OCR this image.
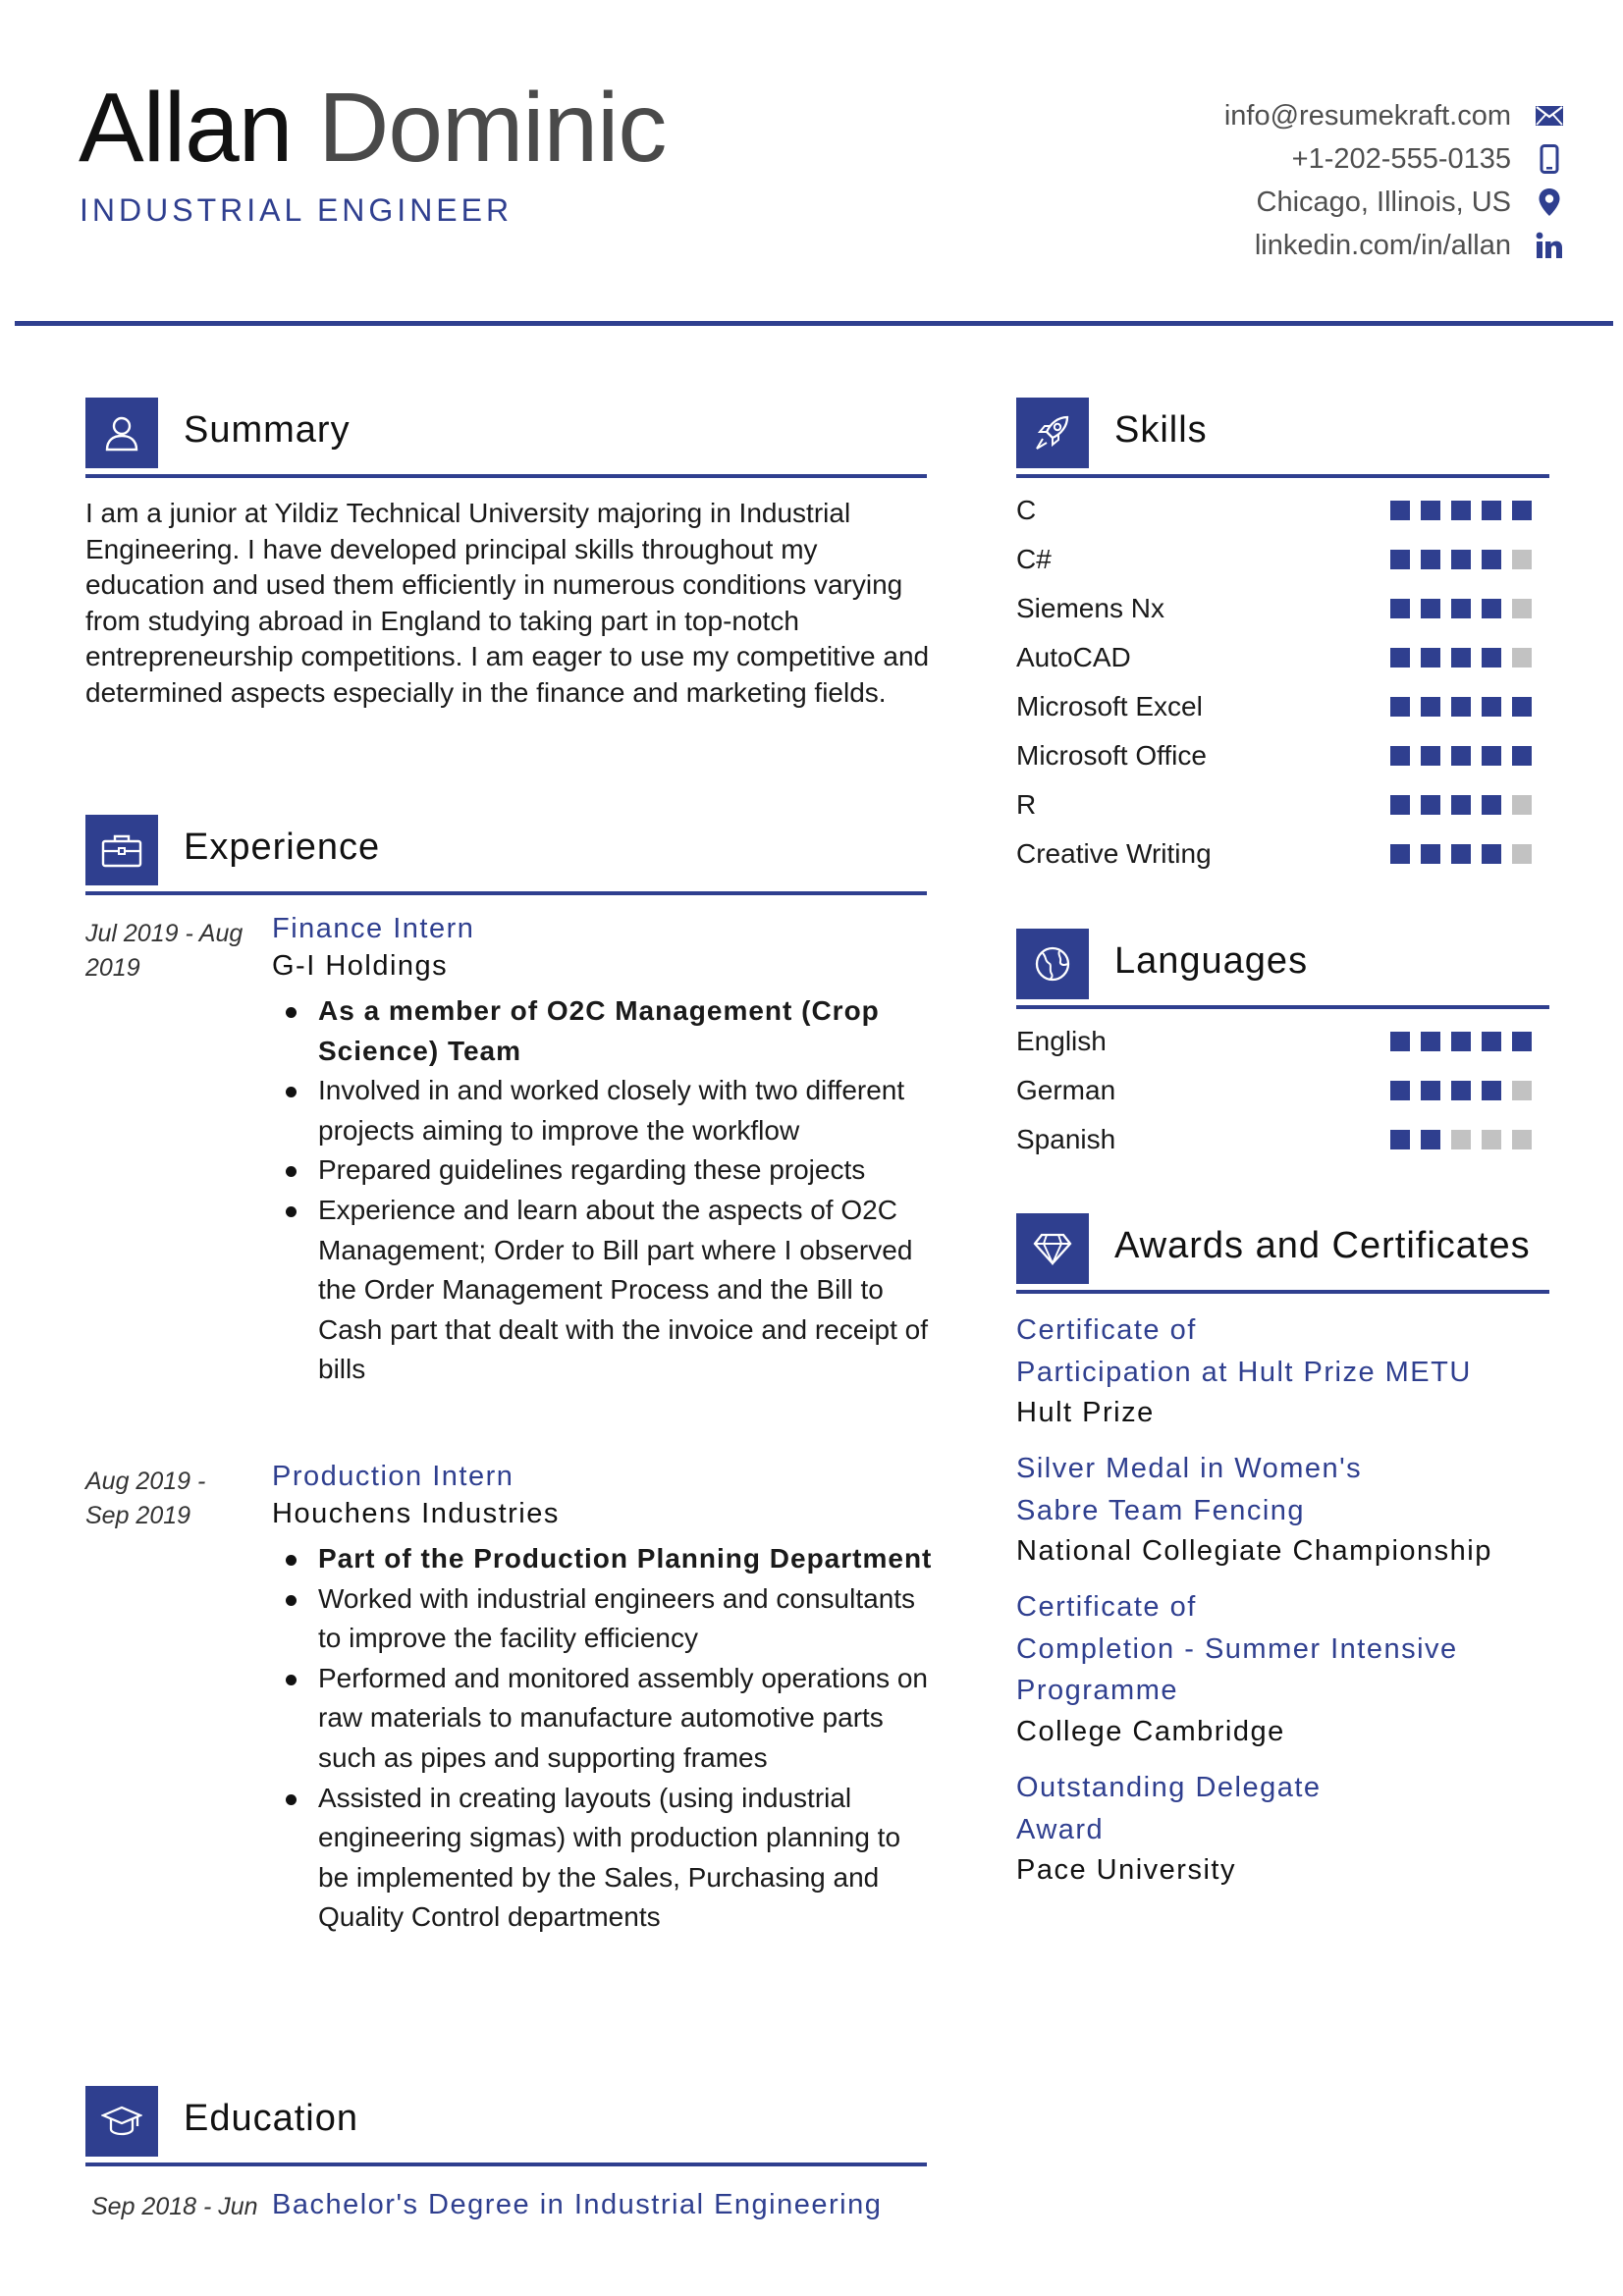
Allan Dominic
INDUSTRIAL ENGINEER
info@resumekraft.com
+1-202-555-0135
Chicago, Illinois, US
linkedin.com/in/allan
Summary

I am a junior at Yildiz Technical University majoring in Industrial Engineering. I have developed principal skills throughout my education and used them efficiently in numerous conditions varying from studying abroad in England to taking part in top-notch entrepreneurship competitions. I am eager to use my competitive and determined aspects especially in the finance and marketing fields.

Experience
Jul 2019 - Aug 2019
Finance Intern
G-I Holdings
As a member of O2C Management (Crop Science) Team
Involved in and worked closely with two different projects aiming to improve the workflow
Prepared guidelines regarding these projects
Experience and learn about the aspects of O2C Management; Order to Bill part where I observed the Order Management Process and the Bill to Cash part that dealt with the invoice and receipt of bills
Aug 2019 - Sep 2019
Production Intern
Houchens Industries
Part of the Production Planning Department
Worked with industrial engineers and consultants to improve the facility efficiency
Performed and monitored assembly operations on raw materials to manufacture automotive parts such as pipes and supporting frames
Assisted in creating layouts (using industrial engineering sigmas) with production planning to be implemented by the Sales, Purchasing and Quality Control departments
Education
Sep 2018 - Jun Bachelor's Degree in Industrial Engineering
Skills
C
C#
Siemens Nx
AutoCAD
Microsoft Excel
Microsoft Office
R
Creative Writing
Languages
English
German
Spanish
Awards and Certificates
Certificate of
Participation at Hult Prize METU
Hult Prize
Silver Medal in Women's
Sabre Team Fencing
National Collegiate Championship
Certificate of
Completion - Summer Intensive
Programme
College Cambridge
Outstanding Delegate
Award
Pace University
